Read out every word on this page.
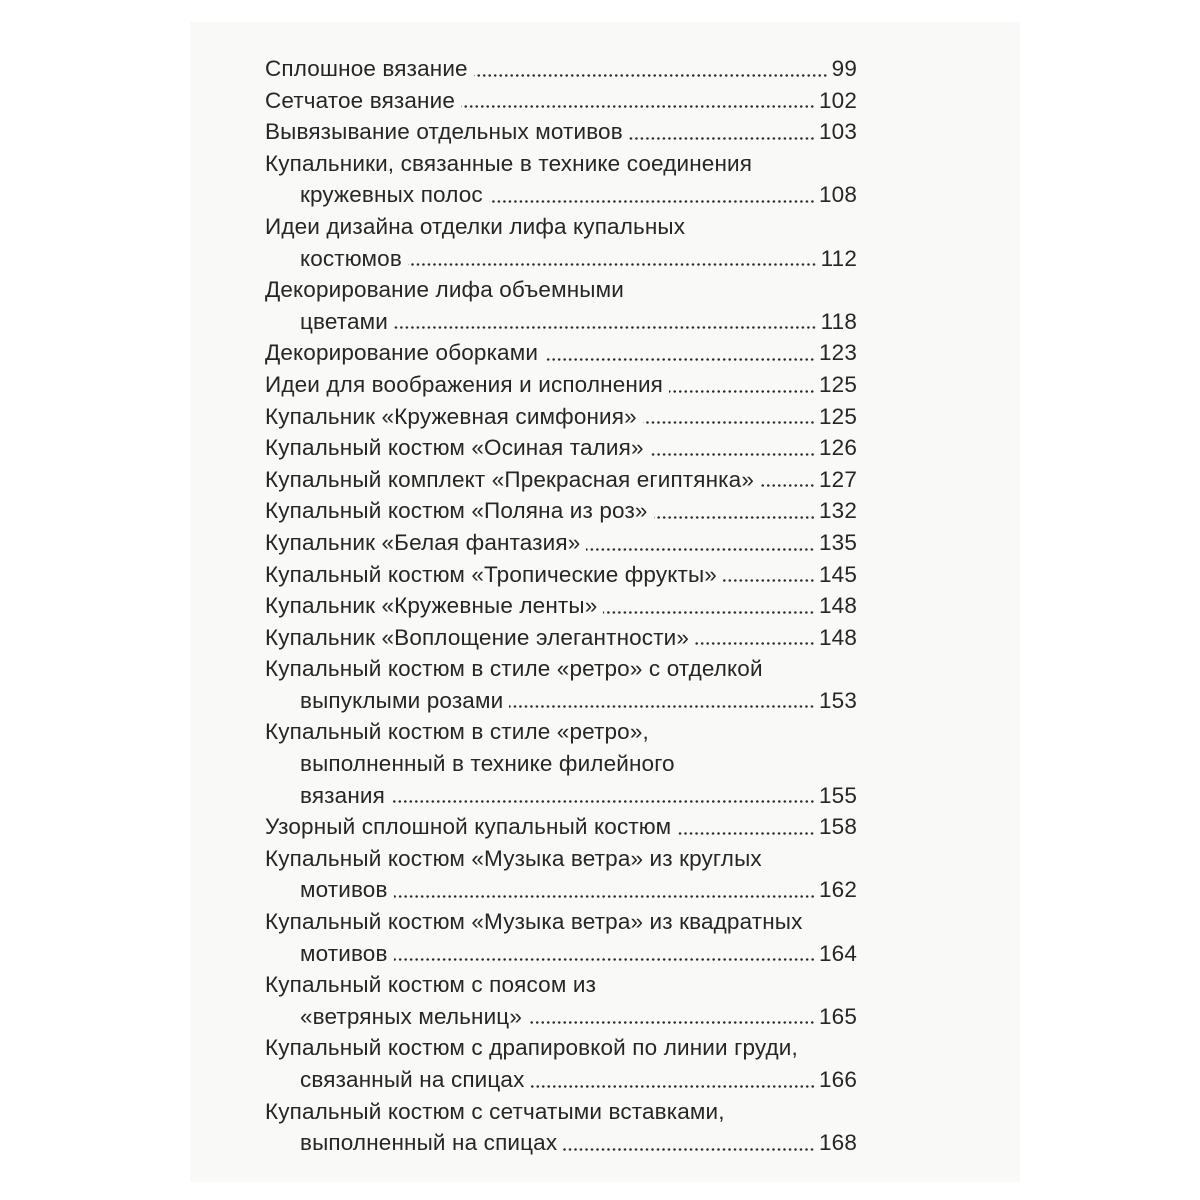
Сплошное вязание	99
Сетчатое вязание	102
Вывязывание отдельных мотивов	103
Купальники, связанные в технике соединения
кружевных полос	108
Идеи дизайна отделки лифа купальных
костюмов	112
Декорирование лифа объемными
цветами	118
Декорирование оборками	123
Идеи для воображения и исполнения	125
Купальник «Кружевная симфония»	125
Купальный костюм «Осиная талия»	126
Купальный комплект «Прекрасная египтянка»	127
Купальный костюм «Поляна из роз»	132
Купальник «Белая фантазия»	135
Купальный костюм «Тропические фрукты»	145
Купальник «Кружевные ленты»	148
Купальник «Воплощение элегантности»	148
Купальный костюм в стиле «ретро» с отделкой
выпуклыми розами	153
Купальный костюм в стиле «ретро»,
выполненный в технике филейного
вязания	155
Узорный сплошной купальный костюм	158
Купальный костюм «Музыка ветра» из круглых
мотивов	162
Купальный костюм «Музыка ветра» из квадратных
мотивов	164
Купальный костюм с поясом из
«ветряных мельниц»	165
Купальный костюм с драпировкой по линии груди,
связанный на спицах	166
Купальный костюм с сетчатыми вставками,
выполненный на спицах	168
